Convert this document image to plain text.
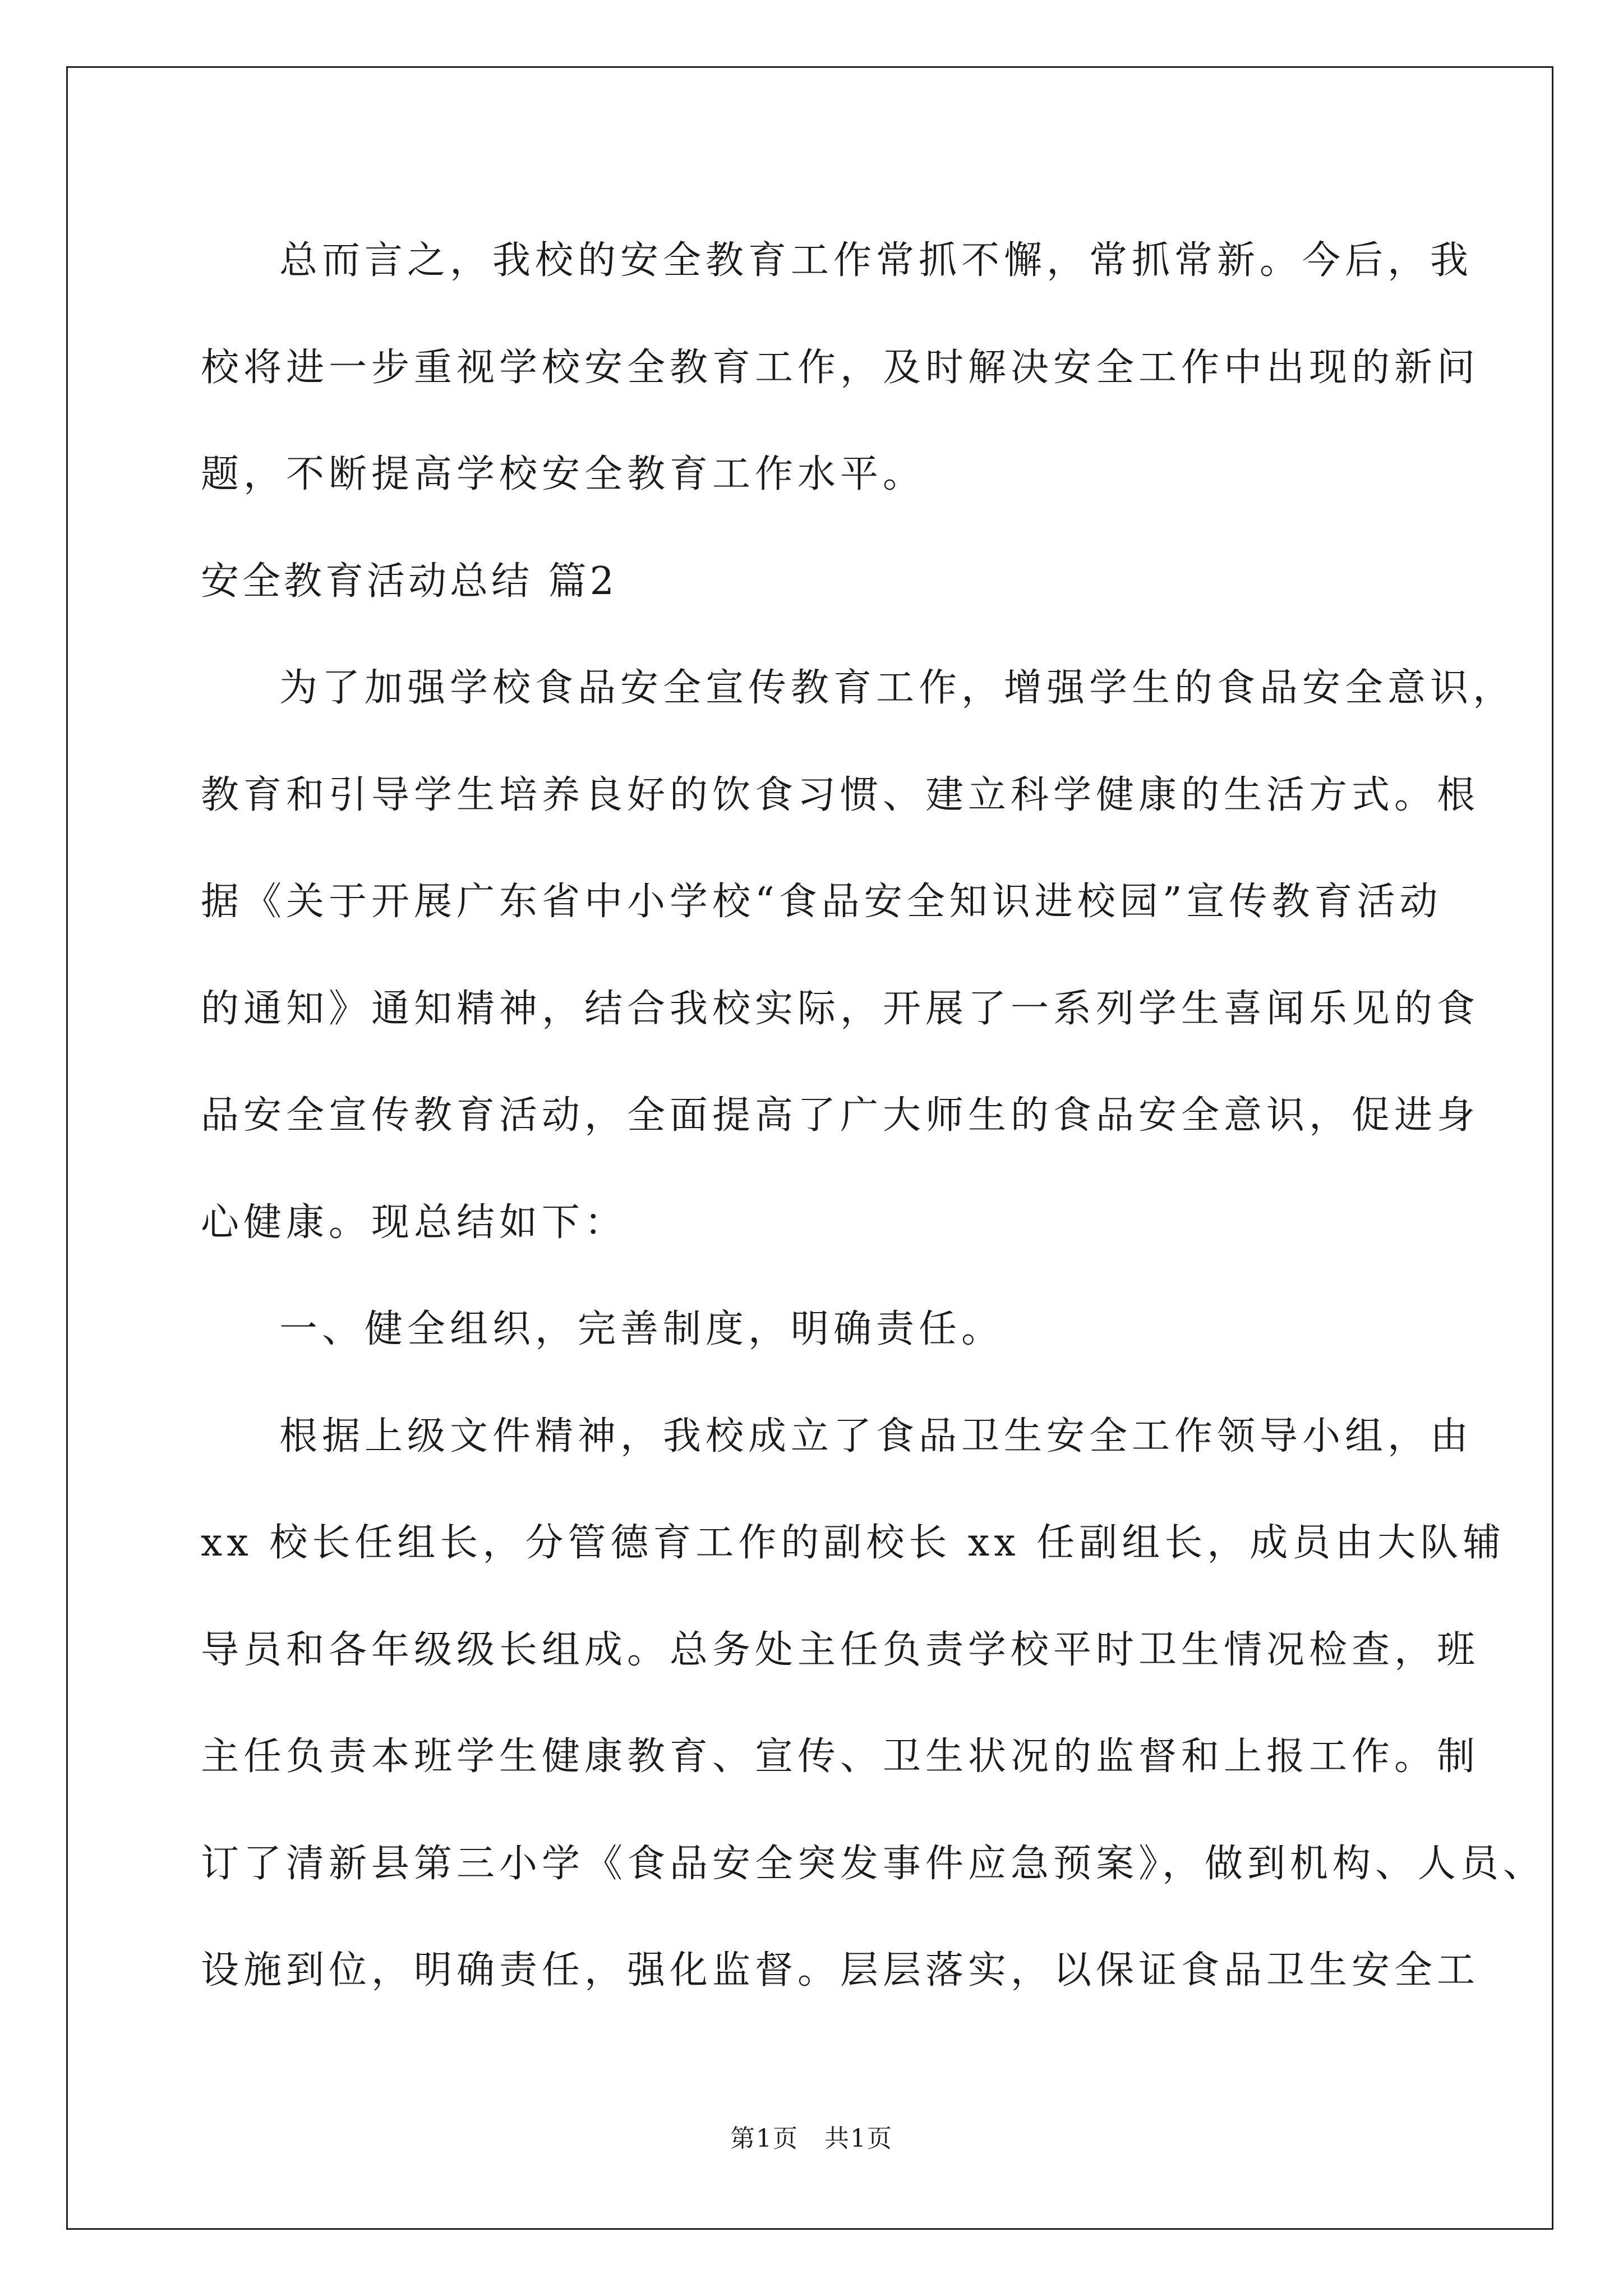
总而言之，我校的安全教育工作常抓不懈，常抓常新。今后，我
校将进一步重视学校安全教育工作，及时解决安全工作中出现的新问
题，不断提高学校安全教育工作水平。
安全教育活动总结 篇2
为了加强学校食品安全宣传教育工作，增强学生的食品安全意识，
教育和引导学生培养良好的饮食习惯、建立科学健康的生活方式。根
据《关于开展广东省中小学校“食品安全知识进校园”宣传教育活动
的通知》通知精神，结合我校实际，开展了一系列学生喜闻乐见的食
品安全宣传教育活动，全面提高了广大师生的食品安全意识，促进身
心健康。现总结如下：
一、健全组织，完善制度，明确责任。
根据上级文件精神，我校成立了食品卫生安全工作领导小组，由
xx 校长任组长，分管德育工作的副校长 xx 任副组长，成员由大队辅
导员和各年级级长组成。总务处主任负责学校平时卫生情况检查，班
主任负责本班学生健康教育、宣传、卫生状况的监督和上报工作。制
订了清新县第三小学《食品安全突发事件应急预案》，做到机构、人员、
设施到位，明确责任，强化监督。层层落实，以保证食品卫生安全工
第1页　共1页
